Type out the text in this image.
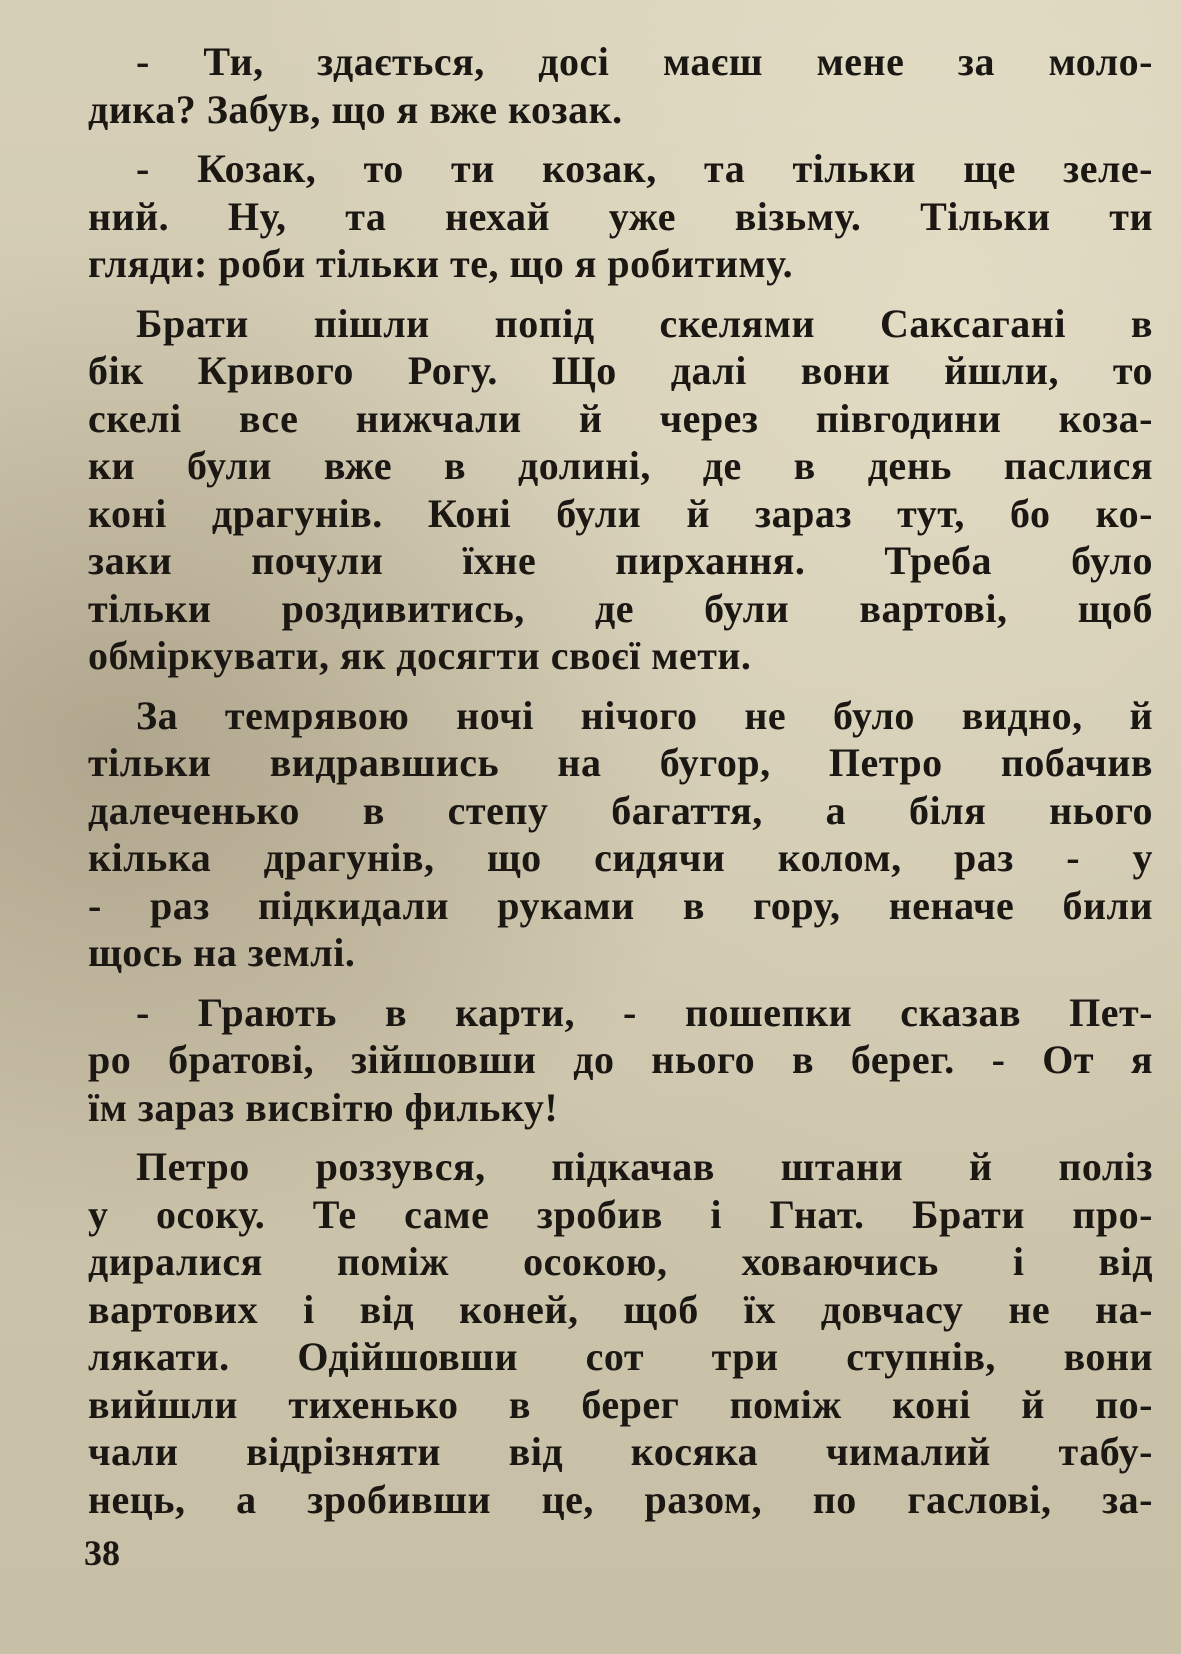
- Ти, здається, досі маєш мене за моло-
дика? Забув, що я вже козак.
- Козак, то ти козак, та тільки ще зеле-
ний. Ну, та нехай уже візьму. Тільки ти
гляди: роби тільки те, що я робитиму.
Брати пішли попід скелями Саксагані в
бік Кривого Рогу. Що далі вони йшли, то
скелі все нижчали й через півгодини коза-
ки були вже в долині, де в день паслися
коні драгунів. Коні були й зараз тут, бо ко-
заки почули їхне пирхання. Треба було
тільки роздивитись, де були вартові, щоб
обміркувати, як досягти своєї мети.
За темрявою ночі нічого не було видно, й
тільки видравшись на бугор, Петро побачив
далеченько в степу багаття, а біля нього
кілька драгунів, що сидячи колом, раз - у
- раз підкидали руками в гору, неначе били
щось на землі.
- Грають в карти, - пошепки сказав Пет-
ро братові, зійшовши до нього в берег. - От я
їм зараз висвітю фильку!
Петро роззувся, підкачав штани й поліз
у осоку. Те саме зробив і Гнат. Брати про-
диралися поміж осокою, ховаючись і від
вартових і від коней, щоб їх довчасу не на-
лякати. Одійшовши сот три ступнів, вони
вийшли тихенько в берег поміж коні й по-
чали відрізняти від косяка чималий табу-
нець, а зробивши це, разом, по гаслові, за-
38
